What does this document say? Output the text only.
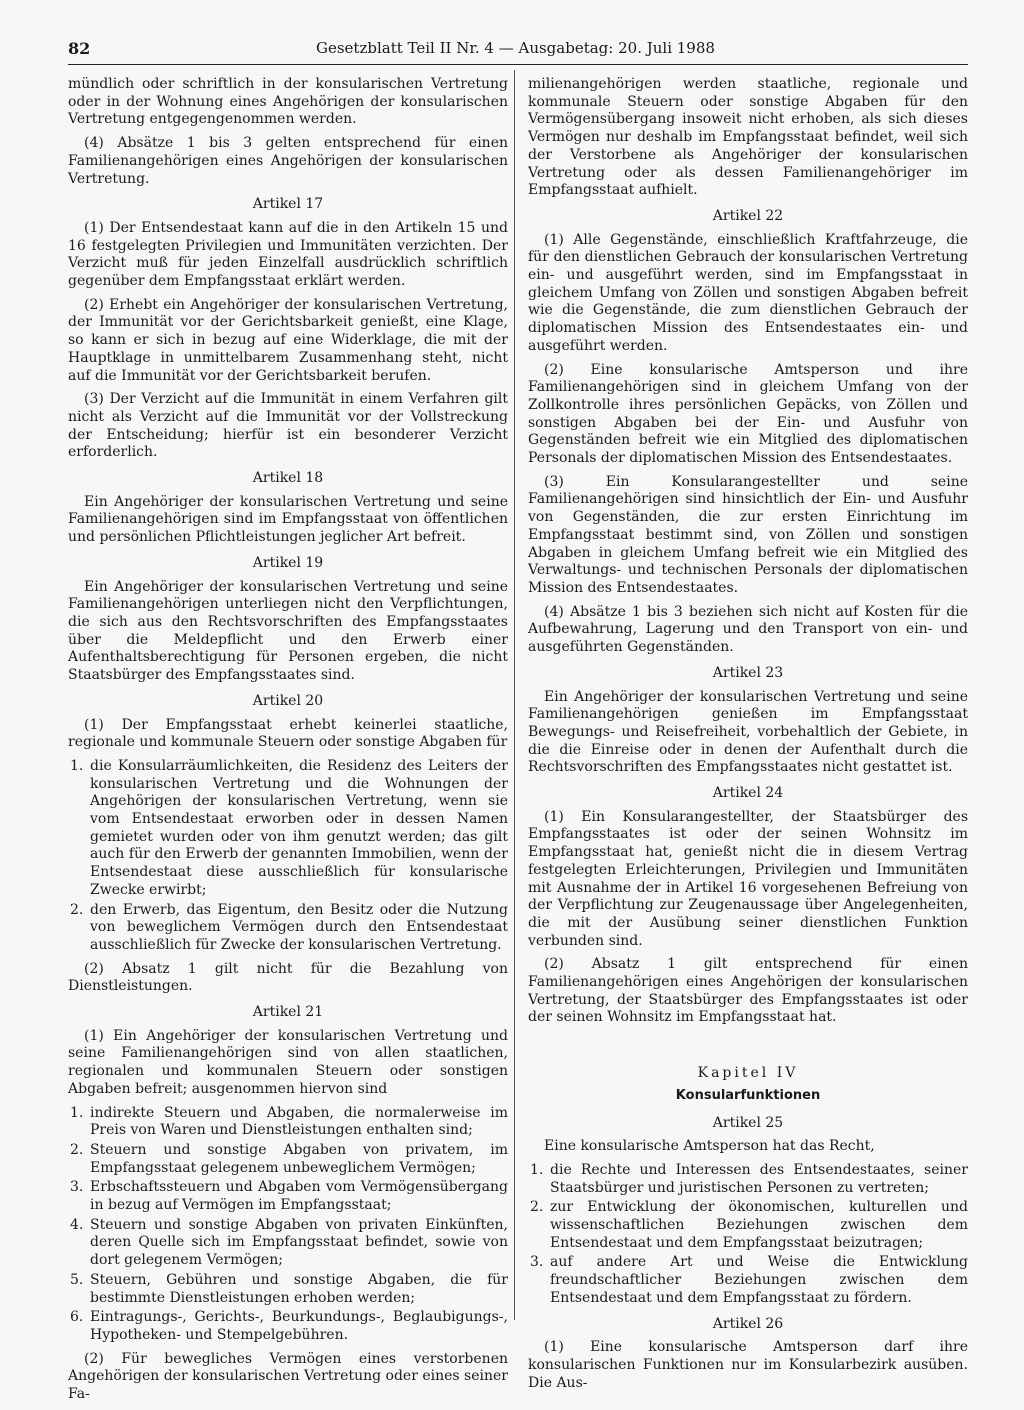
82	Gesetzblatt Teil II Nr. 4 — Ausgabetag: 20. Juli 1988

mündlich oder schriftlich in der konsularischen Vertretung oder in der Wohnung eines Angehörigen der konsularischen Vertretung entgegengenommen werden.

(4) Absätze 1 bis 3 gelten entsprechend für einen Familienangehörigen eines Angehörigen der konsularischen Vertretung.

Artikel 17

(1) Der Entsendestaat kann auf die in den Artikeln 15 und 16 festgelegten Privilegien und Immunitäten verzichten. Der Verzicht muß für jeden Einzelfall ausdrücklich schriftlich gegenüber dem Empfangsstaat erklärt werden.

(2) Erhebt ein Angehöriger der konsularischen Vertretung, der Immunität vor der Gerichtsbarkeit genießt, eine Klage, so kann er sich in bezug auf eine Widerklage, die mit der Hauptklage in unmittelbarem Zusammenhang steht, nicht auf die Immunität vor der Gerichtsbarkeit berufen.

(3) Der Verzicht auf die Immunität in einem Verfahren gilt nicht als Verzicht auf die Immunität vor der Vollstreckung der Entscheidung; hierfür ist ein besonderer Verzicht erforderlich.

Artikel 18

Ein Angehöriger der konsularischen Vertretung und seine Familienangehörigen sind im Empfangsstaat von öffentlichen und persönlichen Pflichtleistungen jeglicher Art befreit.

Artikel 19

Ein Angehöriger der konsularischen Vertretung und seine Familienangehörigen unterliegen nicht den Verpflichtungen, die sich aus den Rechtsvorschriften des Empfangsstaates über die Meldepflicht und den Erwerb einer Aufenthaltsberechtigung für Personen ergeben, die nicht Staatsbürger des Empfangsstaates sind.

Artikel 20

(1) Der Empfangsstaat erhebt keinerlei staatliche, regionale und kommunale Steuern oder sonstige Abgaben für

1. die Konsularräumlichkeiten, die Residenz des Leiters der konsularischen Vertretung und die Wohnungen der Angehörigen der konsularischen Vertretung, wenn sie vom Entsendestaat erworben oder in dessen Namen gemietet wurden oder von ihm genutzt werden; das gilt auch für den Erwerb der genannten Immobilien, wenn der Entsendestaat diese ausschließlich für konsularische Zwecke erwirbt;
2. den Erwerb, das Eigentum, den Besitz oder die Nutzung von beweglichem Vermögen durch den Entsendestaat ausschließlich für Zwecke der konsularischen Vertretung.

(2) Absatz 1 gilt nicht für die Bezahlung von Dienstleistungen.

Artikel 21

(1) Ein Angehöriger der konsularischen Vertretung und seine Familienangehörigen sind von allen staatlichen, regionalen und kommunalen Steuern oder sonstigen Abgaben befreit; ausgenommen hiervon sind

1. indirekte Steuern und Abgaben, die normalerweise im Preis von Waren und Dienstleistungen enthalten sind;
2. Steuern und sonstige Abgaben von privatem, im Empfangsstaat gelegenem unbeweglichem Vermögen;
3. Erbschaftssteuern und Abgaben vom Vermögensübergang in bezug auf Vermögen im Empfangsstaat;
4. Steuern und sonstige Abgaben von privaten Einkünften, deren Quelle sich im Empfangsstaat befindet, sowie von dort gelegenem Vermögen;
5. Steuern, Gebühren und sonstige Abgaben, die für bestimmte Dienstleistungen erhoben werden;
6. Eintragungs-, Gerichts-, Beurkundungs-, Beglaubigungs-, Hypotheken- und Stempelgebühren.

(2) Für bewegliches Vermögen eines verstorbenen Angehörigen der konsularischen Vertretung oder eines seiner Fa-

milienangehörigen werden staatliche, regionale und kommunale Steuern oder sonstige Abgaben für den Vermögensübergang insoweit nicht erhoben, als sich dieses Vermögen nur deshalb im Empfangsstaat befindet, weil sich der Verstorbene als Angehöriger der konsularischen Vertretung oder als dessen Familienangehöriger im Empfangsstaat aufhielt.

Artikel 22

(1) Alle Gegenstände, einschließlich Kraftfahrzeuge, die für den dienstlichen Gebrauch der konsularischen Vertretung ein- und ausgeführt werden, sind im Empfangsstaat in gleichem Umfang von Zöllen und sonstigen Abgaben befreit wie die Gegenstände, die zum dienstlichen Gebrauch der diplomatischen Mission des Entsendestaates ein- und ausgeführt werden.

(2) Eine konsularische Amtsperson und ihre Familienangehörigen sind in gleichem Umfang von der Zollkontrolle ihres persönlichen Gepäcks, von Zöllen und sonstigen Abgaben bei der Ein- und Ausfuhr von Gegenständen befreit wie ein Mitglied des diplomatischen Personals der diplomatischen Mission des Entsendestaates.

(3) Ein Konsularangestellter und seine Familienangehörigen sind hinsichtlich der Ein- und Ausfuhr von Gegenständen, die zur ersten Einrichtung im Empfangsstaat bestimmt sind, von Zöllen und sonstigen Abgaben in gleichem Umfang befreit wie ein Mitglied des Verwaltungs- und technischen Personals der diplomatischen Mission des Entsendestaates.

(4) Absätze 1 bis 3 beziehen sich nicht auf Kosten für die Aufbewahrung, Lagerung und den Transport von ein- und ausgeführten Gegenständen.

Artikel 23

Ein Angehöriger der konsularischen Vertretung und seine Familienangehörigen genießen im Empfangsstaat Bewegungs- und Reisefreiheit, vorbehaltlich der Gebiete, in die die Einreise oder in denen der Aufenthalt durch die Rechtsvorschriften des Empfangsstaates nicht gestattet ist.

Artikel 24

(1) Ein Konsularangestellter, der Staatsbürger des Empfangsstaates ist oder der seinen Wohnsitz im Empfangsstaat hat, genießt nicht die in diesem Vertrag festgelegten Erleichterungen, Privilegien und Immunitäten mit Ausnahme der in Artikel 16 vorgesehenen Befreiung von der Verpflichtung zur Zeugenaussage über Angelegenheiten, die mit der Ausübung seiner dienstlichen Funktion verbunden sind.

(2) Absatz 1 gilt entsprechend für einen Familienangehörigen eines Angehörigen der konsularischen Vertretung, der Staatsbürger des Empfangsstaates ist oder der seinen Wohnsitz im Empfangsstaat hat.

Kapitel IV
Konsularfunktionen
Artikel 25

Eine konsularische Amtsperson hat das Recht,

1. die Rechte und Interessen des Entsendestaates, seiner Staatsbürger und juristischen Personen zu vertreten;
2. zur Entwicklung der ökonomischen, kulturellen und wissenschaftlichen Beziehungen zwischen dem Entsendestaat und dem Empfangsstaat beizutragen;
3. auf andere Art und Weise die Entwicklung freundschaftlicher Beziehungen zwischen dem Entsendestaat und dem Empfangsstaat zu fördern.
Artikel 26

(1) Eine konsularische Amtsperson darf ihre konsularischen Funktionen nur im Konsularbezirk ausüben. Die Aus-
